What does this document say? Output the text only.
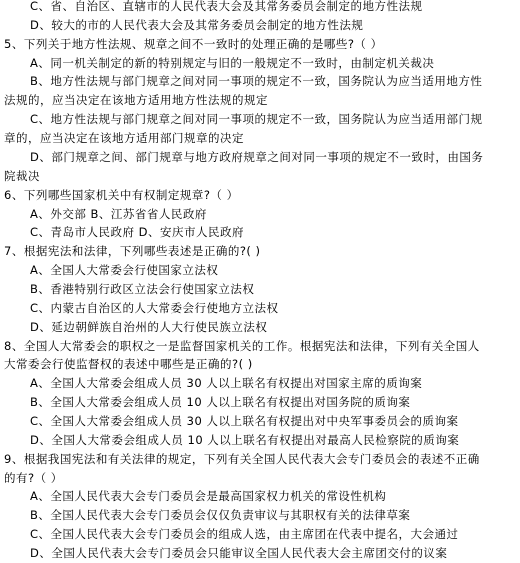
C、省、自治区、直辖市的人民代表大会及其常务委员会制定的地方性法规
D、较大的市的人民代表大会及其常务委员会制定的地方性法规
5、下列关于地方性法规、规章之间不一致时的处理正确的是哪些?（ ）
A、同一机关制定的新的特别规定与旧的一般规定不一致时，由制定机关裁决
B、地方性法规与部门规章之间对同一事项的规定不一致，国务院认为应当适用地方性
法规的，应当决定在该地方适用地方性法规的规定
C、地方性法规与部门规章之间对同一事项的规定不一致，国务院认为应当适用部门规
章的，应当决定在该地方适用部门规章的决定
D、部门规章之间、部门规章与地方政府规章之间对同一事项的规定不一致时，由国务
院裁决
6、下列哪些国家机关中有权制定规章?（ ）
A、外交部 B、江苏省省人民政府
C、青岛市人民政府 D、安庆市人民政府
7、根据宪法和法律，下列哪些表述是正确的?( )
A、全国人大常委会行使国家立法权
B、香港特别行政区立法会行使国家立法权
C、内蒙古自治区的人大常委会行使地方立法权
D、延边朝鲜族自治州的人大行使民族立法权
8、全国人大常委会的职权之一是监督国家机关的工作。根据宪法和法律，下列有关全国人
大常委会行使监督权的表述中哪些是正确的?( )
A、全国人大常委会组成人员 30 人以上联名有权提出对国家主席的质询案
B、全国人大常委会组成人员 10 人以上联名有权提出对国务院的质询案
C、全国人大常委会组成人员 30 人以上联名有权提出对中央军事委员会的质询案
D、全国人大常委会组成人员 10 人以上联名有权提出对最高人民检察院的质询案
9、根据我国宪法和有关法律的规定，下列有关全国人民代表大会专门委员会的表述不正确
的有?（ ）
A、全国人民代表大会专门委员会是最高国家权力机关的常设性机构
B、全国人民代表大会专门委员会仅仅负责审议与其职权有关的法律草案
C、全国人民代表大会专门委员会的组成人选，由主席团在代表中提名，大会通过
D、全国人民代表大会专门委员会只能审议全国人民代表大会主席团交付的议案
